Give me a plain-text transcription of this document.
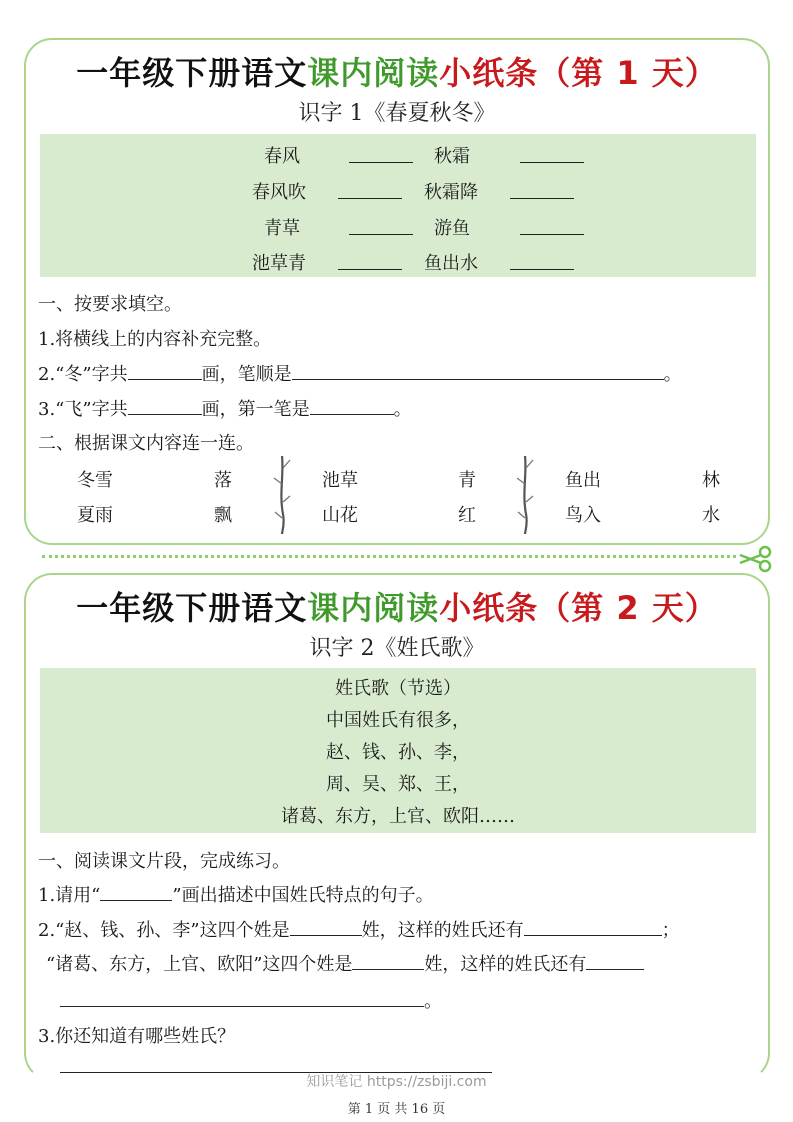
一年级下册语文课内阅读小纸条（第 1 天）
识字 1《春夏秋冬》
春风	秋霜
春风吹	秋霜降
青草	游鱼
池草青	鱼出水
一、按要求填空。
1.将横线上的内容补充完整。
2.“冬”字共	画，笔顺是	。
3.“飞”字共	画，第一笔是	。
二、根据课文内容连一连。
冬雪	落	池草	青	鱼出	林
夏雨	飘	山花	红	鸟入	水
一年级下册语文课内阅读小纸条（第 2 天）
识字 2《姓氏歌》
姓氏歌（节选）
中国姓氏有很多，
赵、钱、孙、李，
周、吴、郑、王，
诸葛、东方，上官、欧阳……
一、阅读课文片段，完成练习。
1.请用“	”画出描述中国姓氏特点的句子。
2.“赵、钱、孙、李”这四个姓是	姓，这样的姓氏还有	；
“诸葛、东方，上官、欧阳”这四个姓是	姓，这样的姓氏还有
。
3.你还知道有哪些姓氏？
知识笔记 https://zsbiji.com
第 1 页 共 16 页
